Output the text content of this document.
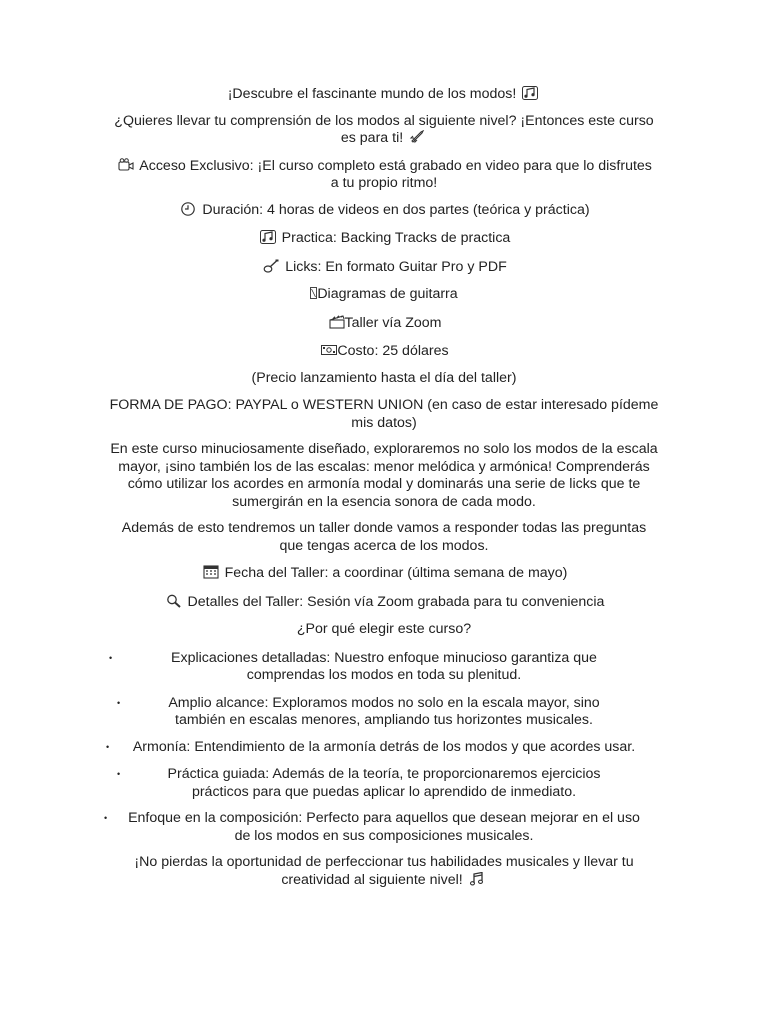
¡Descubre el fascinante mundo de los modos!
¿Quieres llevar tu comprensión de los modos al siguiente nivel? ¡Entonces este curso es para ti!
Acceso Exclusivo: ¡El curso completo está grabado en video para que lo disfrutes a tu propio ritmo!
Duración: 4 horas de videos en dos partes (teórica y práctica)
Practica: Backing Tracks de practica
Licks: En formato Guitar Pro y PDF
Diagramas de guitarra
Taller vía Zoom
Costo: 25 dólares
(Precio lanzamiento hasta el día del taller)
FORMA DE PAGO: PAYPAL o WESTERN UNION (en caso de estar interesado pídeme mis datos)
En este curso minuciosamente diseñado, exploraremos no solo los modos de la escala mayor, ¡sino también los de las escalas: menor melódica y armónica! Comprenderás cómo utilizar los acordes en armonía modal y dominarás una serie de licks que te sumergirán en la esencia sonora de cada modo.
Además de esto tendremos un taller donde vamos a responder todas las preguntas que tengas acerca de los modos.
Fecha del Taller: a coordinar (última semana de mayo)
Detalles del Taller: Sesión vía Zoom grabada para tu conveniencia
¿Por qué elegir este curso?
•	Explicaciones detalladas: Nuestro enfoque minucioso garantiza que comprendas los modos en toda su plenitud.
•	Amplio alcance: Exploramos modos no solo en la escala mayor, sino también en escalas menores, ampliando tus horizontes musicales.
• Armonía: Entendimiento de la armonía detrás de los modos y que acordes usar.
•	Práctica guiada: Además de la teoría, te proporcionaremos ejercicios prácticos para que puedas aplicar lo aprendido de inmediato.
• Enfoque en la composición: Perfecto para aquellos que desean mejorar en el uso de los modos en sus composiciones musicales.
¡No pierdas la oportunidad de perfeccionar tus habilidades musicales y llevar tu creatividad al siguiente nivel!
